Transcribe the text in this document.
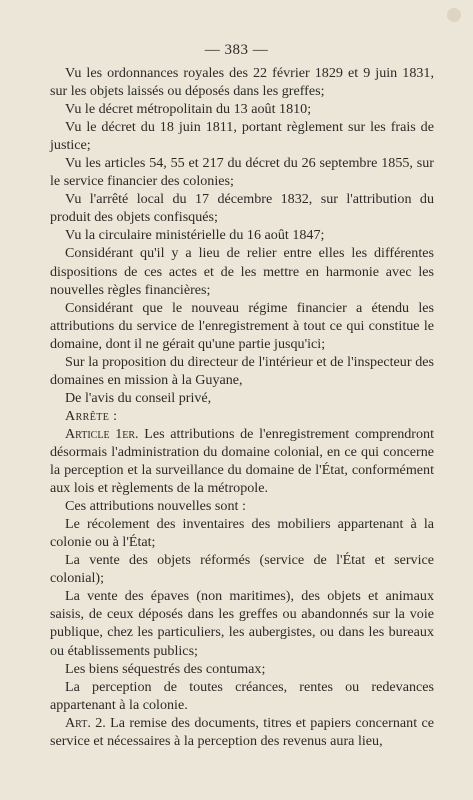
— 383 —

Vu les ordonnances royales des 22 février 1829 et 9 juin 1831, sur les objets laissés ou déposés dans les greffes;

Vu le décret métropolitain du 13 août 1810;

Vu le décret du 18 juin 1811, portant règlement sur les frais de justice;

Vu les articles 54, 55 et 217 du décret du 26 septembre 1855, sur le service financier des colonies;

Vu l'arrêté local du 17 décembre 1832, sur l'attribution du produit des objets confisqués;

Vu la circulaire ministérielle du 16 août 1847;

Considérant qu'il y a lieu de relier entre elles les différentes dispositions de ces actes et de les mettre en harmonie avec les nouvelles règles financières;

Considérant que le nouveau régime financier a étendu les attributions du service de l'enregistrement à tout ce qui constitue le domaine, dont il ne gérait qu'une partie jusqu'ici;

Sur la proposition du directeur de l'intérieur et de l'inspecteur des domaines en mission à la Guyane,

De l'avis du conseil privé,

Arrête :

Article 1er. Les attributions de l'enregistrement comprendront désormais l'administration du domaine colonial, en ce qui concerne la perception et la surveillance du domaine de l'État, conformément aux lois et règlements de la métropole.

Ces attributions nouvelles sont :

Le récolement des inventaires des mobiliers appartenant à la colonie ou à l'État;

La vente des objets réformés (service de l'État et service colonial);

La vente des épaves (non maritimes), des objets et animaux saisis, de ceux déposés dans les greffes ou abandonnés sur la voie publique, chez les particuliers, les aubergistes, ou dans les bureaux ou établissements publics;

Les biens séquestrés des contumax;

La perception de toutes créances, rentes ou redevances appartenant à la colonie.

Art. 2. La remise des documents, titres et papiers concernant ce service et nécessaires à la perception des revenus aura lieu,
